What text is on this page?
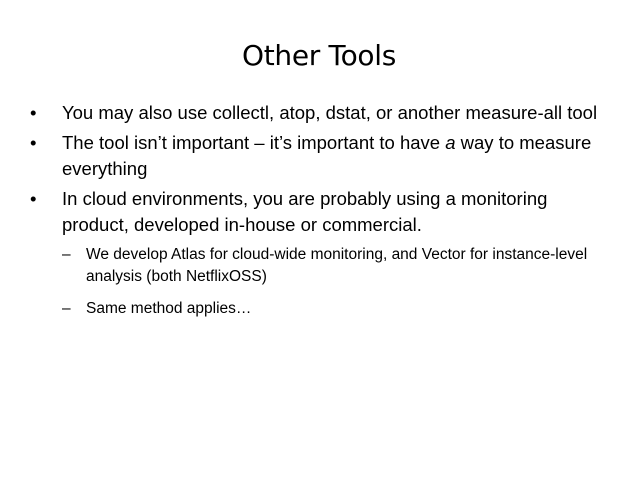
Other Tools
• You may also use collectl, atop, dstat, or another measure-all tool
• The tool isn’t important – it’s important to have a way to measure everything
• In cloud environments, you are probably using a monitoring product, developed in-house or commercial.
– We develop Atlas for cloud-wide monitoring, and Vector for instance-level analysis (both NetflixOSS)
– Same method applies…
